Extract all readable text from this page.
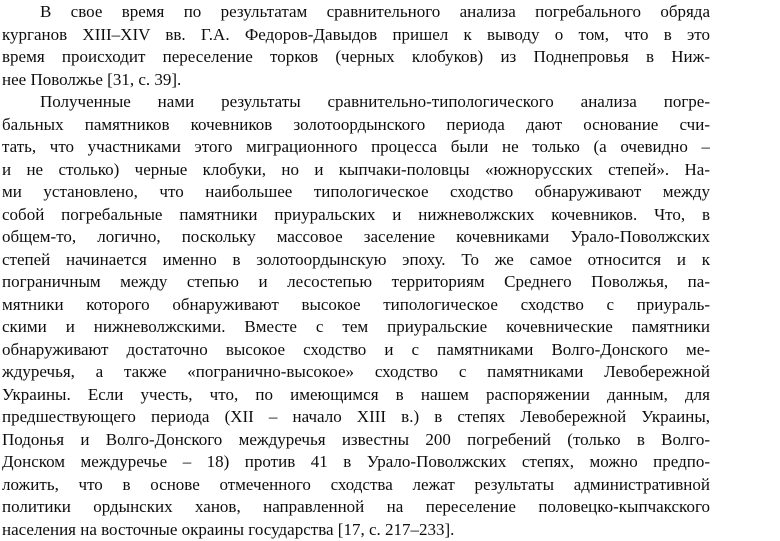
В свое время по результатам сравнительного анализа погребального обряда
курганов XIII–XIV вв. Г.А. Федоров-Давыдов пришел к выводу о том, что в это
время происходит переселение торков (черных клобуков) из Поднепровья в Ниж-
нее Поволжье [31, с. 39].
Полученные нами результаты сравнительно-типологического анализа погре-
бальных памятников кочевников золотоордынского периода дают основание счи-
тать, что участниками этого миграционного процесса были не только (а очевидно –
и не столько) черные клобуки, но и кыпчаки-половцы «южнорусских степей». На-
ми установлено, что наибольшее типологическое сходство обнаруживают между
собой погребальные памятники приуральских и нижневолжских кочевников. Что, в
общем-то, логично, поскольку массовое заселение кочевниками Урало-Поволжских
степей начинается именно в золотоордынскую эпоху. То же самое относится и к
пограничным между степью и лесостепью территориям Среднего Поволжья, па-
мятники которого обнаруживают высокое типологическое сходство с приураль-
скими и нижневолжскими. Вместе с тем приуральские кочевнические памятники
обнаруживают достаточно высокое сходство и с памятниками Волго-Донского ме-
ждуречья, а также «погранично-высокое» сходство с памятниками Левобережной
Украины. Если учесть, что, по имеющимся в нашем распоряжении данным, для
предшествующего периода (XII – начало XIII в.) в степях Левобережной Украины,
Подонья и Волго-Донского междуречья известны 200 погребений (только в Волго-
Донском междуречье – 18) против 41 в Урало-Поволжских степях, можно предпо-
ложить, что в основе отмеченного сходства лежат результаты административной
политики ордынских ханов, направленной на переселение половецко-кыпчакского
населения на восточные окраины государства [17, с. 217–233].
